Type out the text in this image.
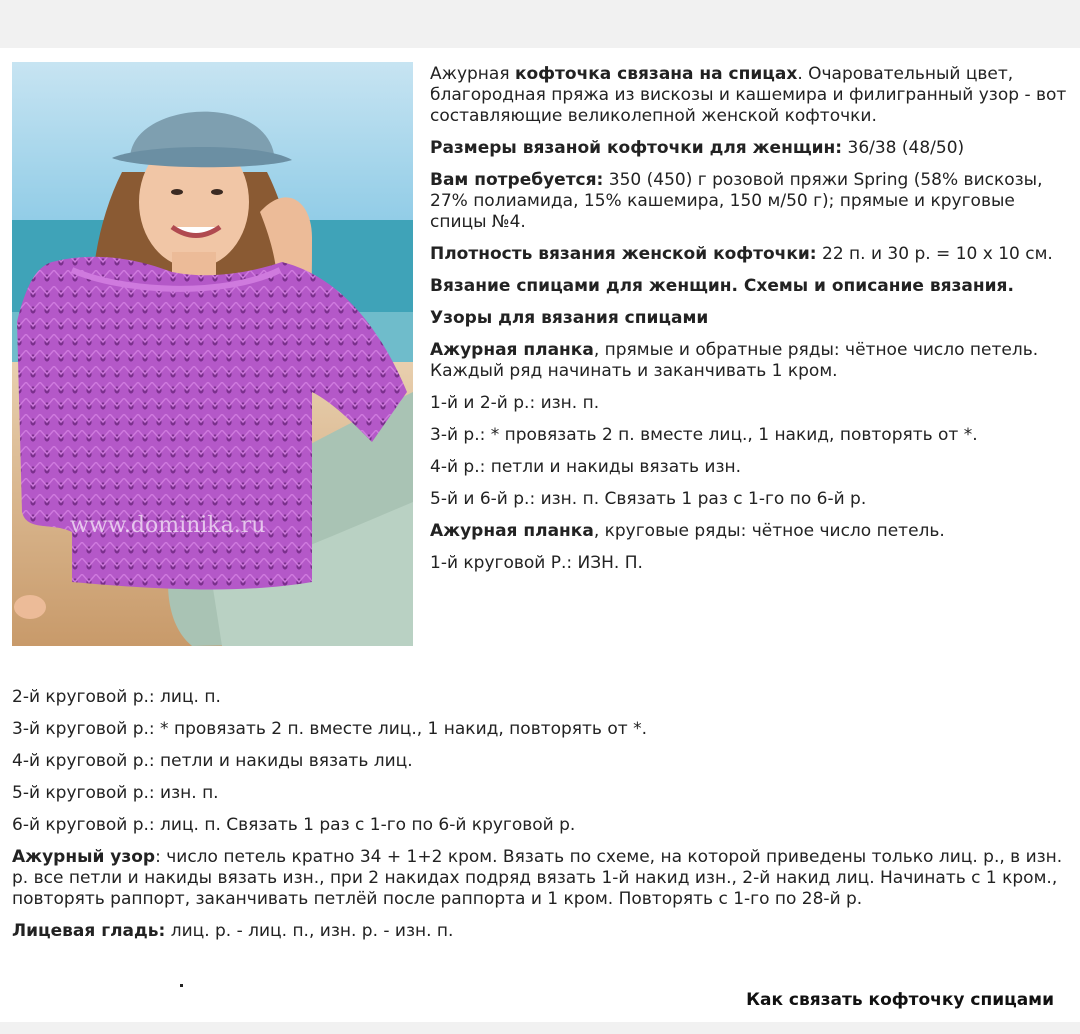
www.dominika.ru

Ажурная кофточка связана на спицах. Очаровательный цвет, благородная пряжа из вискозы и кашемира и филигранный узор - вот составляющие великолепной женской кофточки.

Размеры вязаной кофточки для женщин: 36/38 (48/50)

Вам потребуется: 350 (450) г розовой пряжи Spring (58% вискозы, 27% полиамида, 15% кашемира, 150 м/50 г); прямые и круговые спицы №4.

Плотность вязания женской кофточки: 22 п. и 30 р. = 10 х 10 см.

Вязание спицами для женщин. Схемы и описание вязания.

Узоры для вязания спицами

Ажурная планка, прямые и обратные ряды: чётное число петель. Каждый ряд начинать и заканчивать 1 кром.

1-й и 2-й р.: изн. п.

3-й р.: * провязать 2 п. вместе лиц., 1 накид, повторять от *.

4-й р.: петли и накиды вязать изн.

5-й и 6-й р.: изн. п. Связать 1 раз с 1-го по 6-й р.

Ажурная планка, круговые ряды: чётное число петель.

1-й круговой Р.: ИЗН. П.

2-й круговой р.: лиц. п.

3-й круговой р.: * провязать 2 п. вместе лиц., 1 накид, повторять от *.

4-й круговой р.: петли и накиды вязать лиц.

5-й круговой р.: изн. п.

6-й круговой р.: лиц. п. Связать 1 раз с 1-го по 6-й круговой р.

Ажурный узор: число петель кратно 34 + 1+2 кром. Вязать по схеме, на которой приведены только лиц. р., в изн. р. все петли и накиды вязать изн., при 2 накидах подряд вязать 1-й накид изн., 2-й накид лиц. Начинать с 1 кром., повторять раппорт, заканчивать петлёй после раппорта и 1 кром. Повторять с 1-го по 28-й р.

Лицевая гладь: лиц. р. - лиц. п., изн. р. - изн. п.

Как связать кофточку спицами
